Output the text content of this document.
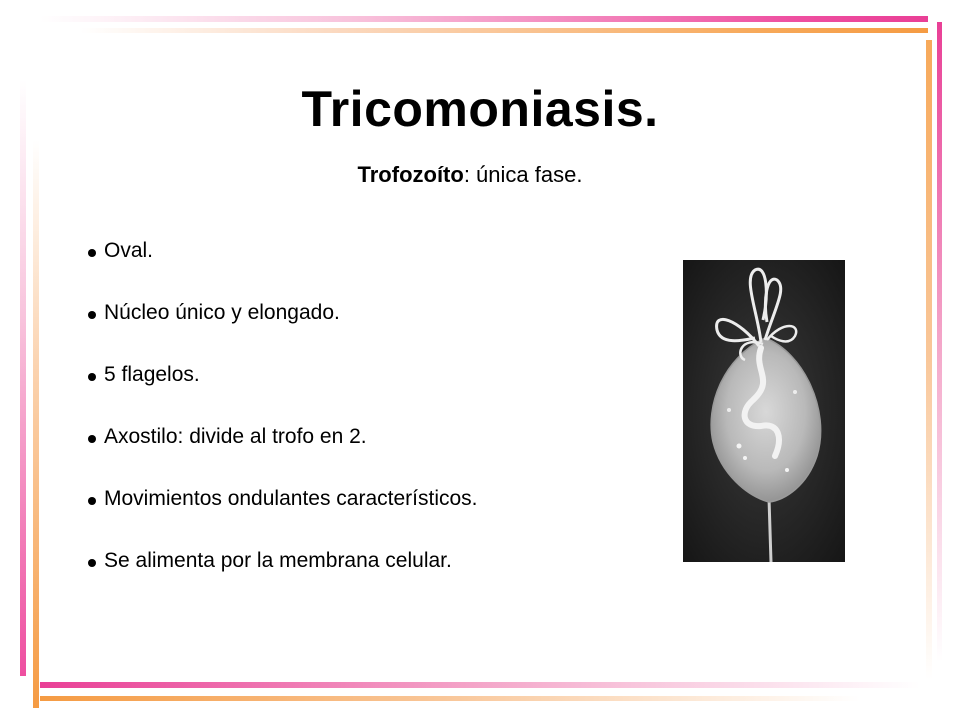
Tricomoniasis.
Trofozoíto: única fase.
Oval.
Núcleo único y elongado.
5 flagelos.
Axostilo: divide al trofo en 2.
Movimientos ondulantes característicos.
Se alimenta por la membrana celular.
